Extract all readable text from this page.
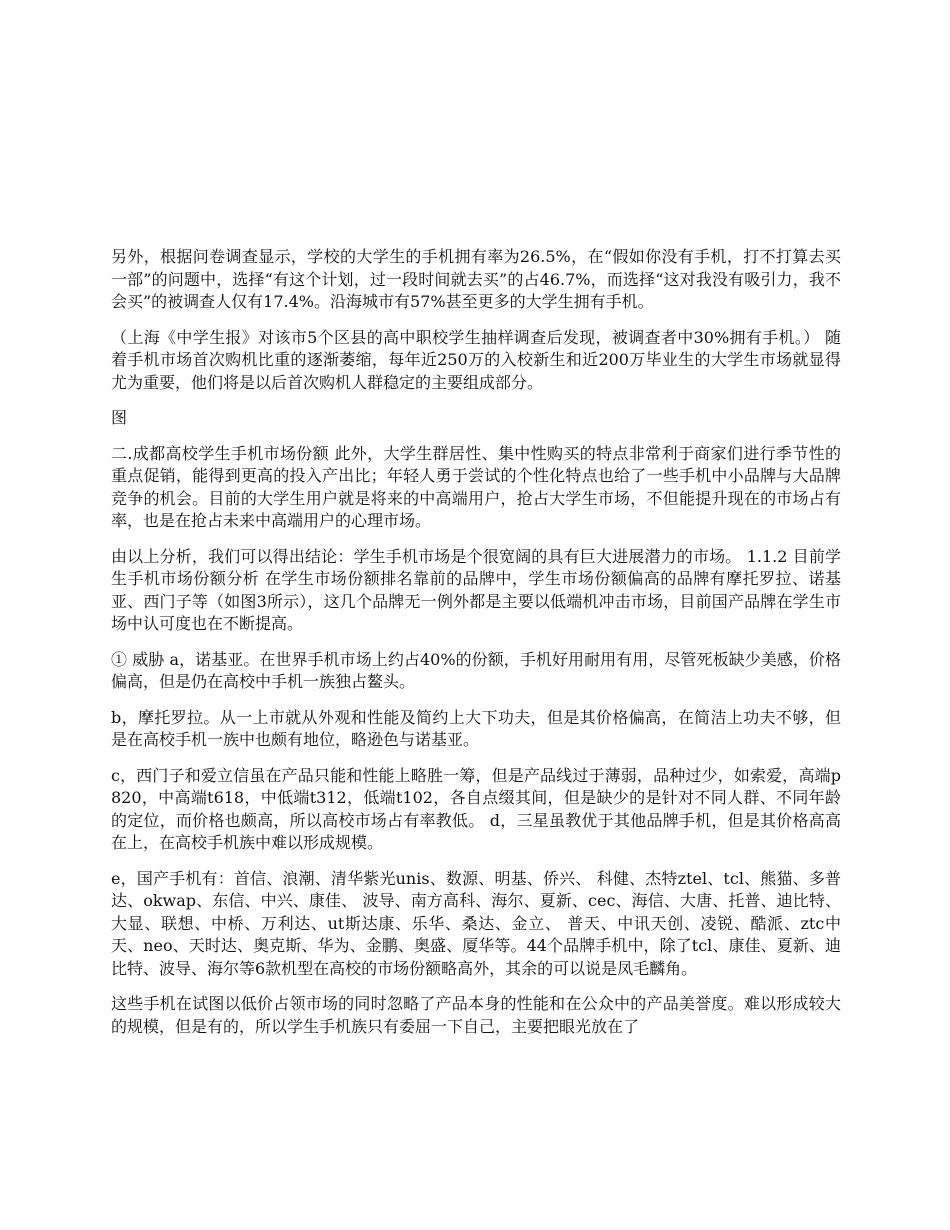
另外，根据问卷调查显示，学校的大学生的手机拥有率为26.5%，在“假如你没有手机，打不打算去买一部”的问题中，选择“有这个计划，过一段时间就去买”的占46.7%，而选择“这对我没有吸引力，我不会买”的被调查人仅有17.4%。沿海城市有57%甚至更多的大学生拥有手机。

（上海《中学生报》对该市5个区县的高中职校学生抽样调查后发现，被调查者中30%拥有手机。） 随着手机市场首次购机比重的逐渐萎缩，每年近250万的入校新生和近200万毕业生的大学生市场就显得尤为重要，他们将是以后首次购机人群稳定的主要组成部分。

图

二.成都高校学生手机市场份额 此外，大学生群居性、集中性购买的特点非常利于商家们进行季节性的重点促销，能得到更高的投入产出比；年轻人勇于尝试的个性化特点也给了一些手机中小品牌与大品牌竞争的机会。目前的大学生用户就是将来的中高端用户，抢占大学生市场，不但能提升现在的市场占有率，也是在抢占未来中高端用户的心理市场。

由以上分析，我们可以得出结论：学生手机市场是个很宽阔的具有巨大进展潜力的市场。 1.1.2 目前学生手机市场份额分析 在学生市场份额排名靠前的品牌中，学生市场份额偏高的品牌有摩托罗拉、诺基亚、西门子等（如图3所示），这几个品牌无一例外都是主要以低端机冲击市场，目前国产品牌在学生市场中认可度也在不断提高。

① 威胁 a，诺基亚。在世界手机市场上约占40%的份额，手机好用耐用有用，尽管死板缺少美感，价格偏高，但是仍在高校中手机一族独占鳌头。

b，摩托罗拉。从一上市就从外观和性能及简约上大下功夫，但是其价格偏高，在简洁上功夫不够，但是在高校手机一族中也颇有地位，略逊色与诺基亚。

c，西门子和爱立信虽在产品只能和性能上略胜一筹，但是产品线过于薄弱，品种过少，如索爱，高端p820，中高端t618，中低端t312，低端t102，各自点缀其间，但是缺少的是针对不同人群、不同年龄的定位，而价格也颇高，所以高校市场占有率教低。 d，三星虽教优于其他品牌手机，但是其价格高高在上，在高校手机族中难以形成规模。

e，国产手机有：首信、浪潮、清华紫光unis、数源、明基、侨兴、 科健、杰特ztel、tcl、熊猫、多普达、okwap、东信、中兴、康佳、 波导、南方高科、海尔、夏新、cec、海信、大唐、托普、迪比特、大显、联想、中桥、万利达、ut斯达康、乐华、桑达、金立、 普天、中讯天创、凌锐、酷派、ztc中天、neo、天时达、奥克斯、华为、金鹏、奥盛、厦华等。44个品牌手机中，除了tcl、康佳、夏新、迪比特、波导、海尔等6款机型在高校的市场份额略高外，其余的可以说是凤毛麟角。

这些手机在试图以低价占领市场的同时忽略了产品本身的性能和在公众中的产品美誉度。难以形成较大的规模，但是有的，所以学生手机族只有委屈一下自己，主要把眼光放在了
